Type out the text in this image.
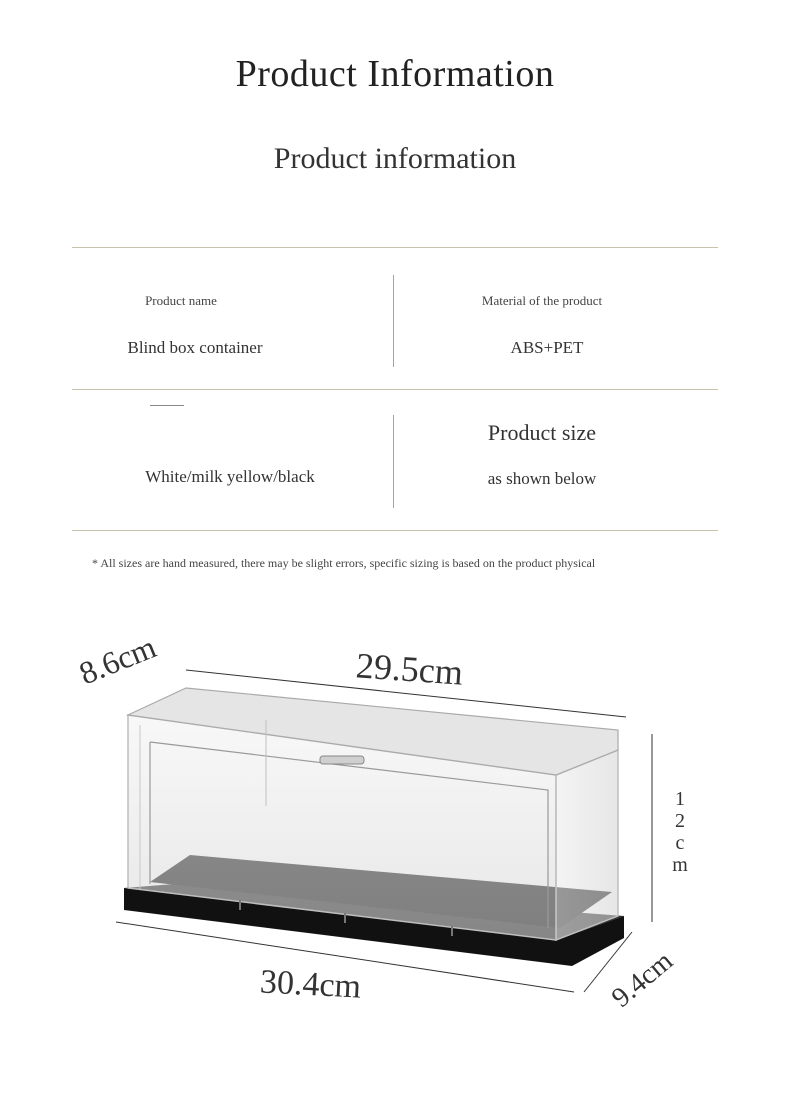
Product Information
Product information
Product name
Blind box container
Material of the product
ABS+PET
White/milk yellow/black
Product size
as shown below
* All sizes are hand measured, there may be slight errors, specific sizing is based on the product physical
8.6cm	29.5cm
1
2
c
m
30.4cm	9.4cm
